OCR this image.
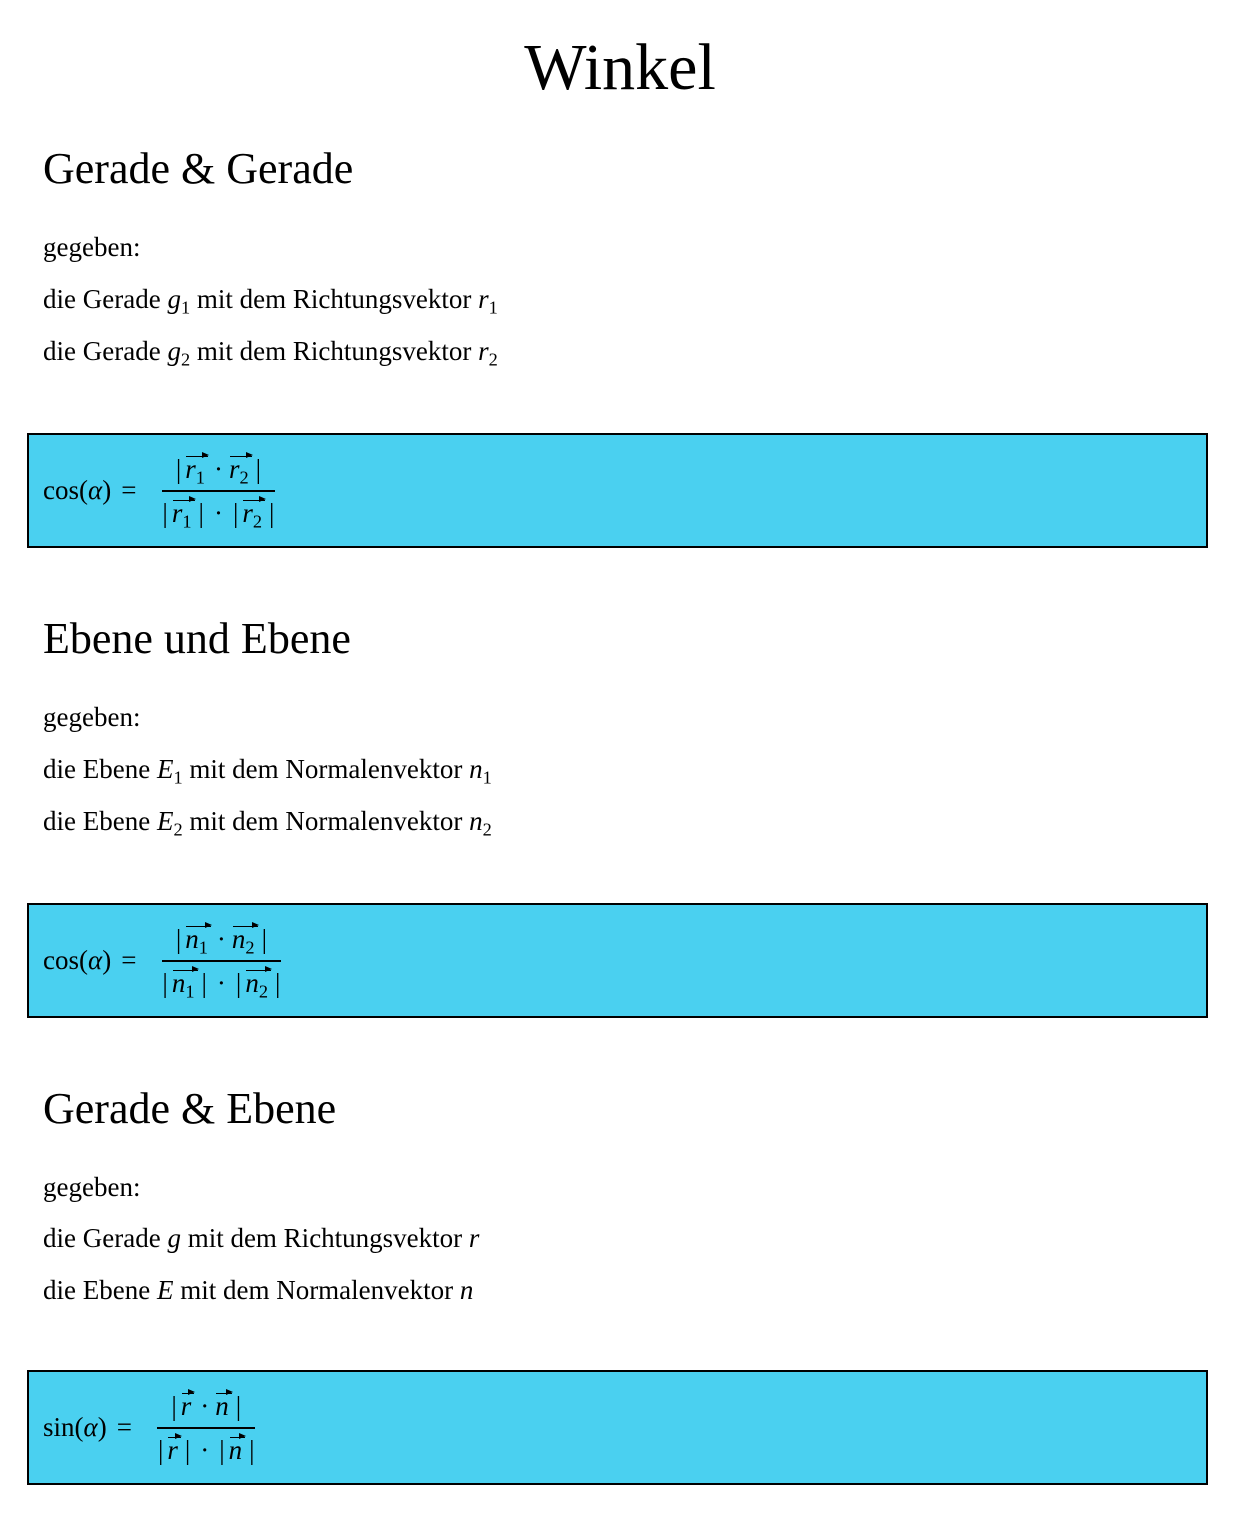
Winkel
Gerade & Gerade
gegeben:
die Gerade $g_1$ mit dem Richtungsvektor $r_1$
die Gerade $g_2$ mit dem Richtungsvektor $r_2$
$\cos(\alpha) = \frac{| r_1 \cdot r_2 |}{| r_1 | \cdot | r_2 |}$
Ebene und Ebene
gegeben:
die Ebene $E_1$ mit dem Normalenvektor $n_1$
die Ebene $E_2$ mit dem Normalenvektor $n_2$
$\cos(\alpha) = \frac{| n_1 \cdot n_2 |}{| n_1 | \cdot | n_2 |}$
Gerade & Ebene
gegeben:
die Gerade g mit dem Richtungsvektor r
die Ebene E mit dem Normalenvektor n
$\sin(\alpha) = \frac{| r \cdot n |}{| r | \cdot | n |}$
